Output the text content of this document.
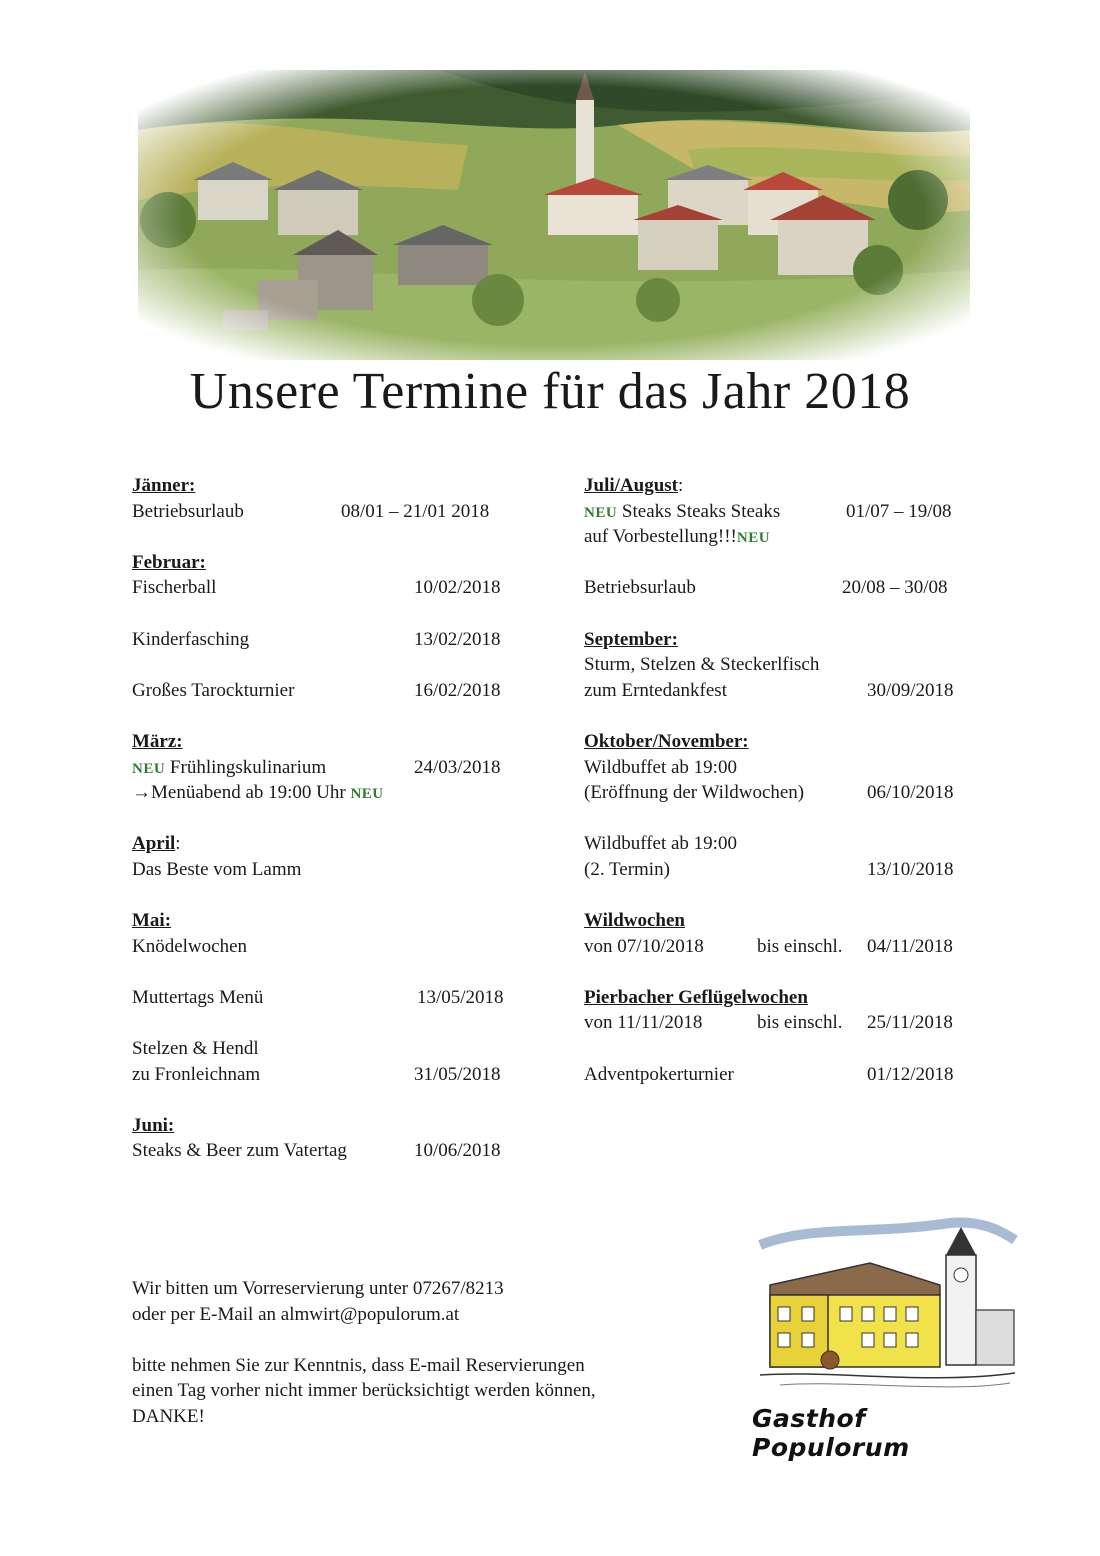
Unsere Termine für das Jahr 2018
Jänner:
Betriebsurlaub	08/01 – 21/01 2018
Februar:
Fischerball	10/02/2018
Kinderfasching	13/02/2018
Großes Tarockturnier	16/02/2018
März:
NEU Frühlingskulinarium	24/03/2018
→Menüabend ab 19:00 Uhr NEU
April:
Das Beste vom Lamm
Mai:
Knödelwochen
Muttertags Menü	13/05/2018
Stelzen & Hendl
zu Fronleichnam	31/05/2018
Juni:
Steaks & Beer zum Vatertag	10/06/2018
Juli/August:
NEU Steaks Steaks Steaks	01/07 – 19/08
auf Vorbestellung!!!NEU
Betriebsurlaub	20/08 – 30/08
September:
Sturm, Stelzen & Steckerlfisch
zum Erntedankfest	30/09/2018
Oktober/November:
Wildbuffet ab 19:00
(Eröffnung der Wildwochen)	06/10/2018
Wildbuffet ab 19:00
(2. Termin)	13/10/2018
Wildwochen
von 07/10/2018	bis einschl. 04/11/2018
Pierbacher Geflügelwochen
von 11/11/2018	bis einschl. 25/11/2018
Adventpokerturnier	01/12/2018
Wir bitten um Vorreservierung unter 07267/8213
oder per E-Mail an almwirt@populorum.at
bitte nehmen Sie zur Kenntnis, dass E-mail Reservierungen
einen Tag vorher nicht immer berücksichtigt werden können,
DANKE!	Gasthof Populorum
